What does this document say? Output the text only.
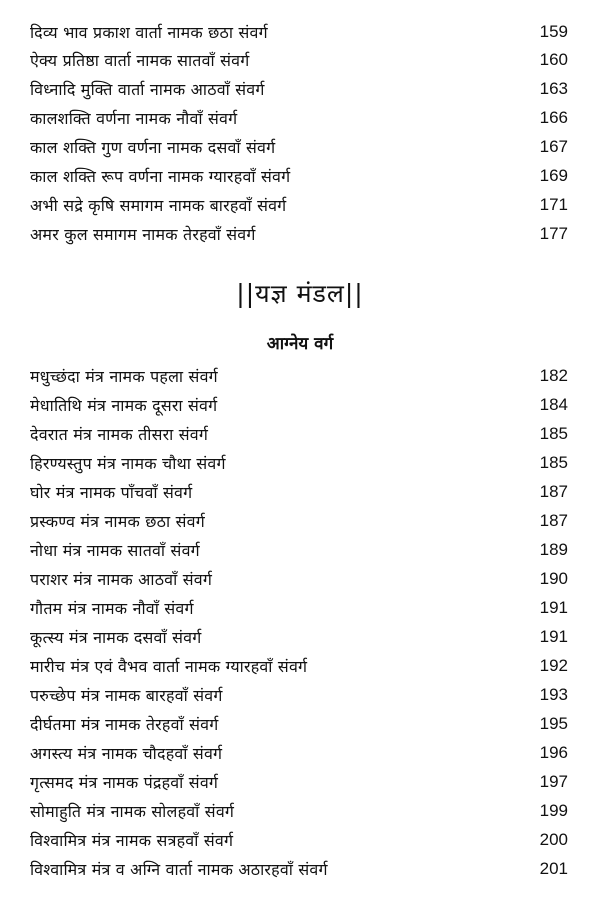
दिव्य भाव प्रकाश वार्ता नामक छठा संवर्ग	159
ऐक्य प्रतिष्ठा वार्ता नामक सातवाँ संवर्ग	160
विध्नादि मुक्ति वार्ता नामक आठवाँ संवर्ग	163
कालशक्ति वर्णना नामक नौवाँ संवर्ग	166
काल शक्ति गुण वर्णना नामक दसवाँ संवर्ग	167
काल शक्ति रूप वर्णना नामक ग्यारहवाँ संवर्ग	169
अभी सद्रे कृषि समागम नामक बारहवाँ संवर्ग	171
अमर कुल समागम नामक तेरहवाँ संवर्ग	177
||यज्ञ मंडल||
आग्नेय वर्ग
मधुच्छंदा मंत्र नामक पहला संवर्ग	182
मेधातिथि मंत्र नामक दूसरा संवर्ग	184
देवरात मंत्र नामक तीसरा संवर्ग	185
हिरण्यस्तुप मंत्र नामक चौथा संवर्ग	185
घोर मंत्र नामक पाँचवाँ संवर्ग	187
प्रस्कण्व मंत्र नामक छठा संवर्ग	187
नोधा मंत्र नामक सातवाँ संवर्ग	189
पराशर मंत्र नामक आठवाँ संवर्ग	190
गौतम मंत्र नामक नौवाँ संवर्ग	191
कूत्स्य मंत्र नामक दसवाँ संवर्ग	191
मारीच मंत्र एवं वैभव वार्ता नामक ग्यारहवाँ संवर्ग	192
परुच्छेप मंत्र नामक बारहवाँ संवर्ग	193
दीर्घतमा मंत्र नामक तेरहवाँ संवर्ग	195
अगस्त्य मंत्र नामक चौदहवाँ संवर्ग	196
गृत्समद मंत्र नामक पंद्रहवाँ संवर्ग	197
सोमाहुति मंत्र नामक सोलहवाँ संवर्ग	199
विश्वामित्र मंत्र नामक सत्रहवाँ संवर्ग	200
विश्वामित्र मंत्र व अग्नि वार्ता नामक अठारहवाँ संवर्ग	201
